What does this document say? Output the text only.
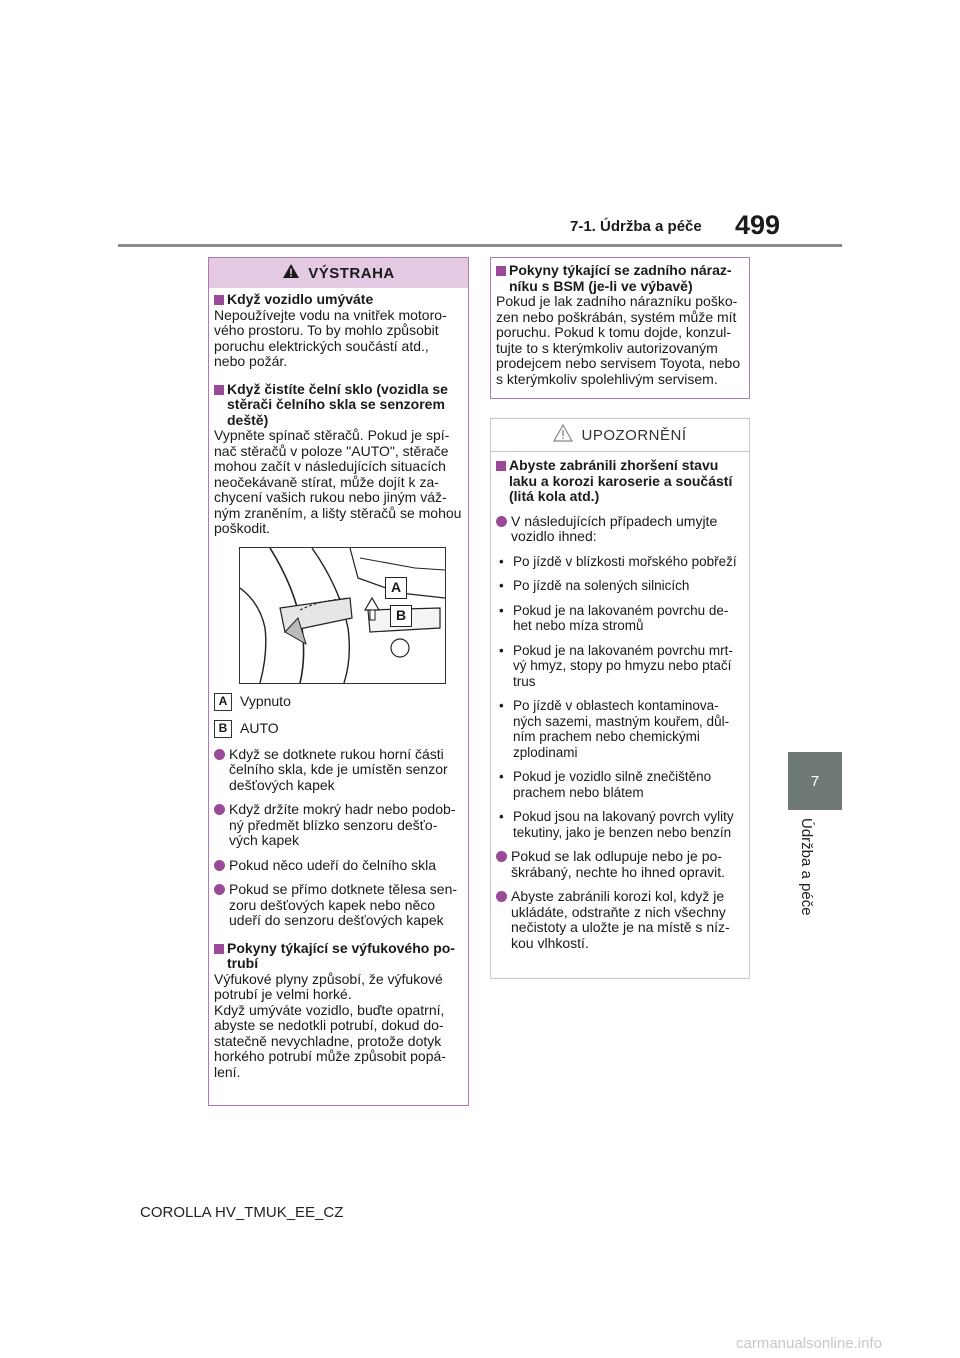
7-1. Údržba a péče 499
7
Údržba a péče
VÝSTRAHA
Když vozidlo umýváte

Nepoužívejte vodu na vnitřek motoro-vého prostoru. To by mohlo způsobit poruchu elektrických součástí atd., nebo požár.

Když čistíte čelní sklo (vozidla se stěrači čelního skla se senzorem deště)

Vypněte spínač stěračů. Pokud je spí-nač stěračů v poloze "AUTO", stěrače mohou začít v následujících situacích neočekávaně stírat, může dojít k za-chycení vašich rukou nebo jiným váž-ným zraněním, a lišty stěračů se mohou poškodit.

A
B
A Vypnuto
B AUTO
Když se dotknete rukou horní části čelního skla, kde je umístěn senzor dešťových kapek
Když držíte mokrý hadr nebo podob-ný předmět blízko senzoru dešťo-vých kapek
Pokud něco udeří do čelního skla
Pokud se přímo dotknete tělesa sen-zoru dešťových kapek nebo něco udeří do senzoru dešťových kapek
Pokyny týkající se výfukového po-trubí

Výfukové plyny způsobí, že výfukové potrubí je velmi horké.
Když umýváte vozidlo, buďte opatrní, abyste se nedotkli potrubí, dokud do-statečně nevychladne, protože dotyk horkého potrubí může způsobit popá-lení.

Pokyny týkající se zadního náraz-níku s BSM (je-li ve výbavě)

Pokud je lak zadního nárazníku poško-zen nebo poškrábán, systém může mít poruchu. Pokud k tomu dojde, konzul-tujte to s kterýmkoliv autorizovaným prodejcem nebo servisem Toyota, nebo s kterýmkoliv spolehlivým servisem.

UPOZORNĚNÍ
Abyste zabránili zhoršení stavu laku a korozi karoserie a součástí (litá kola atd.)
V následujících případech umyjte vozidlo ihned:
• Po jízdě v blízkosti mořského pobřeží
• Po jízdě na solených silnicích
• Pokud je na lakovaném povrchu de-het nebo míza stromů
• Pokud je na lakovaném povrchu mrt-vý hmyz, stopy po hmyzu nebo ptačí trus
• Po jízdě v oblastech kontaminova-ných sazemi, mastným kouřem, důl-ním prachem nebo chemickými zplodinami
• Pokud je vozidlo silně znečištěno prachem nebo blátem
• Pokud jsou na lakovaný povrch vylity tekutiny, jako je benzen nebo benzín
Pokud se lak odlupuje nebo je po-škrábaný, nechte ho ihned opravit.
Abyste zabránili korozi kol, když je ukládáte, odstraňte z nich všechny nečistoty a uložte je na místě s níz-kou vlhkostí.
COROLLA HV_TMUK_EE_CZ
carmanualsonline.info
